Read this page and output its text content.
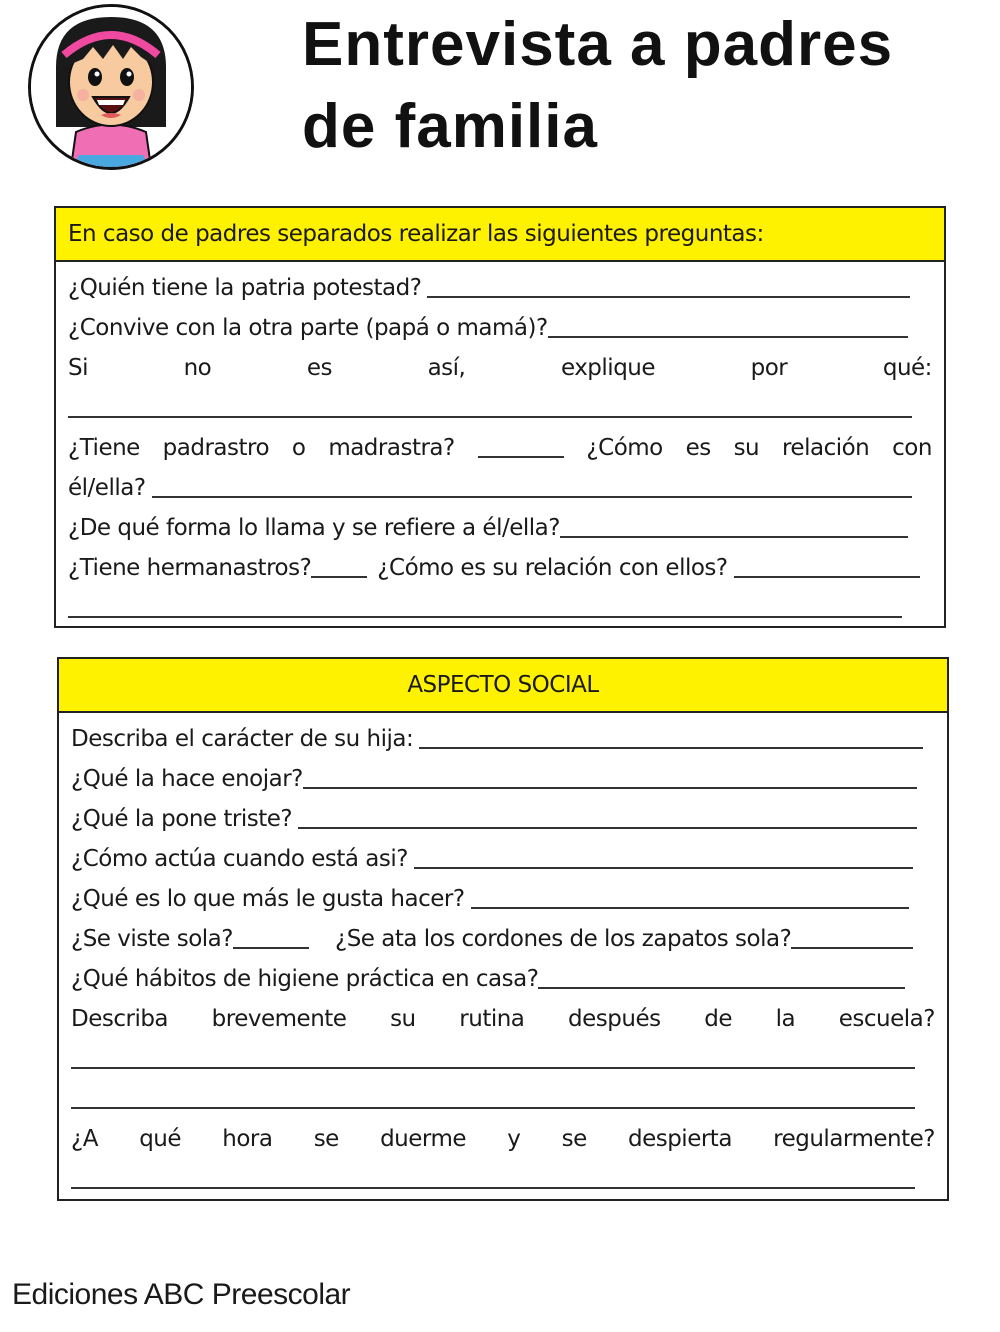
Entrevista a padres
de familia
En caso de padres separados realizar las siguientes preguntas:
¿Quién tiene la patria potestad?
¿Convive con la otra parte (papá o mamá)?
Si	no	es	así,	explique	por	qué:
¿Tiene padrastro o madrastra?	¿Cómo es su relación con
él/ella?
¿De qué forma lo llama y se refiere a él/ella?
¿Tiene hermanastros?	¿Cómo es su relación con ellos?
ASPECTO SOCIAL
Describa el carácter de su hija:
¿Qué la hace enojar?
¿Qué la pone triste?
¿Cómo actúa cuando está asi?
¿Qué es lo que más le gusta hacer?
¿Se viste sola?	¿Se ata los cordones de los zapatos sola?
¿Qué hábitos de higiene práctica en casa?
Describa brevemente su rutina después de la escuela?
¿A qué hora se duerme y se despierta regularmente?
Ediciones ABC Preescolar
